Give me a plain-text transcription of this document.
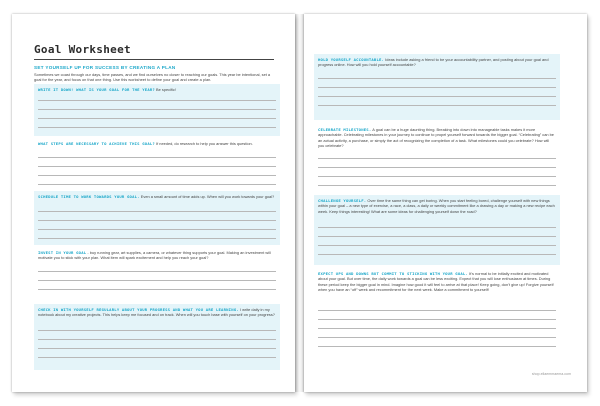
Goal Worksheet
SET YOURSELF UP FOR SUCCESS BY CREATING A PLAN
Sometimes we coast through our days, time passes, and we find ourselves no closer to reaching our goals. This year be intentional, set a goal for the year, and focus on that one thing. Use this worksheet to define your goal and create a plan.
WRITE IT DOWN! WHAT IS YOUR GOAL FOR THE YEAR? Be specific!
WHAT STEPS ARE NECESSARY TO ACHIEVE THIS GOAL? If needed, do research to help you answer this question.
SCHEDULE TIME TO WORK TOWARDS YOUR GOAL. Even a small amount of time adds up. When will you work towards your goal?
INVEST IN YOUR GOAL - buy running gear, art supplies, a camera, or whatever thing supports your goal. Making an investment will motivate you to stick with your plan. What item will spark excitement and help you reach your goal?
CHECK IN WITH YOURSELF REGULARLY ABOUT YOUR PROGRESS AND WHAT YOU ARE LEARNING. I write daily in my notebook about my creative projects. This helps keep me focused and on track. When will you touch base with yourself on your progress?
HOLD YOURSELF ACCOUNTABLE. Ideas include asking a friend to be your accountability partner, and posting about your goal and progress online. How will you hold yourself accountable?
CELEBRATE MILESTONES. A goal can be a huge daunting thing. Breaking into down into manageable tasks makes it more approachable. Celebrating milestones in your journey to continue to propel yourself forward towards the bigger goal. “Celebrating” can be an actual activity, a purchase, or simply the act of recognizing the completion of a task. What milestones could you celebrate? How will you celebrate?
CHALLENGE YOURSELF. Over time the same thing can get boring. When you start feeling bored, challenge yourself with new things within your goal – a new type of exercise, a race, a class, a daily or weekly commitment like a drawing a day or making a new recipe each week. Keep things interesting! What are some ideas for challenging yourself down the road?
EXPECT UPS AND DOWNS BUT COMMIT TO STICKING WITH YOUR GOAL. It’s normal to be initially excited and motivated about your goal. But over time, the daily work towards a goal can be less exciting. Expect that you will lose enthusiasm at times. During these period keep the bigger goal in mind. Imagine how good it will feel to arrive at that place! Keep going, don’t give up! Forgive yourself when you have an “off” week and recommitment for the next week. Make a commitment to yourself!
shop.ellaemmaema.com
